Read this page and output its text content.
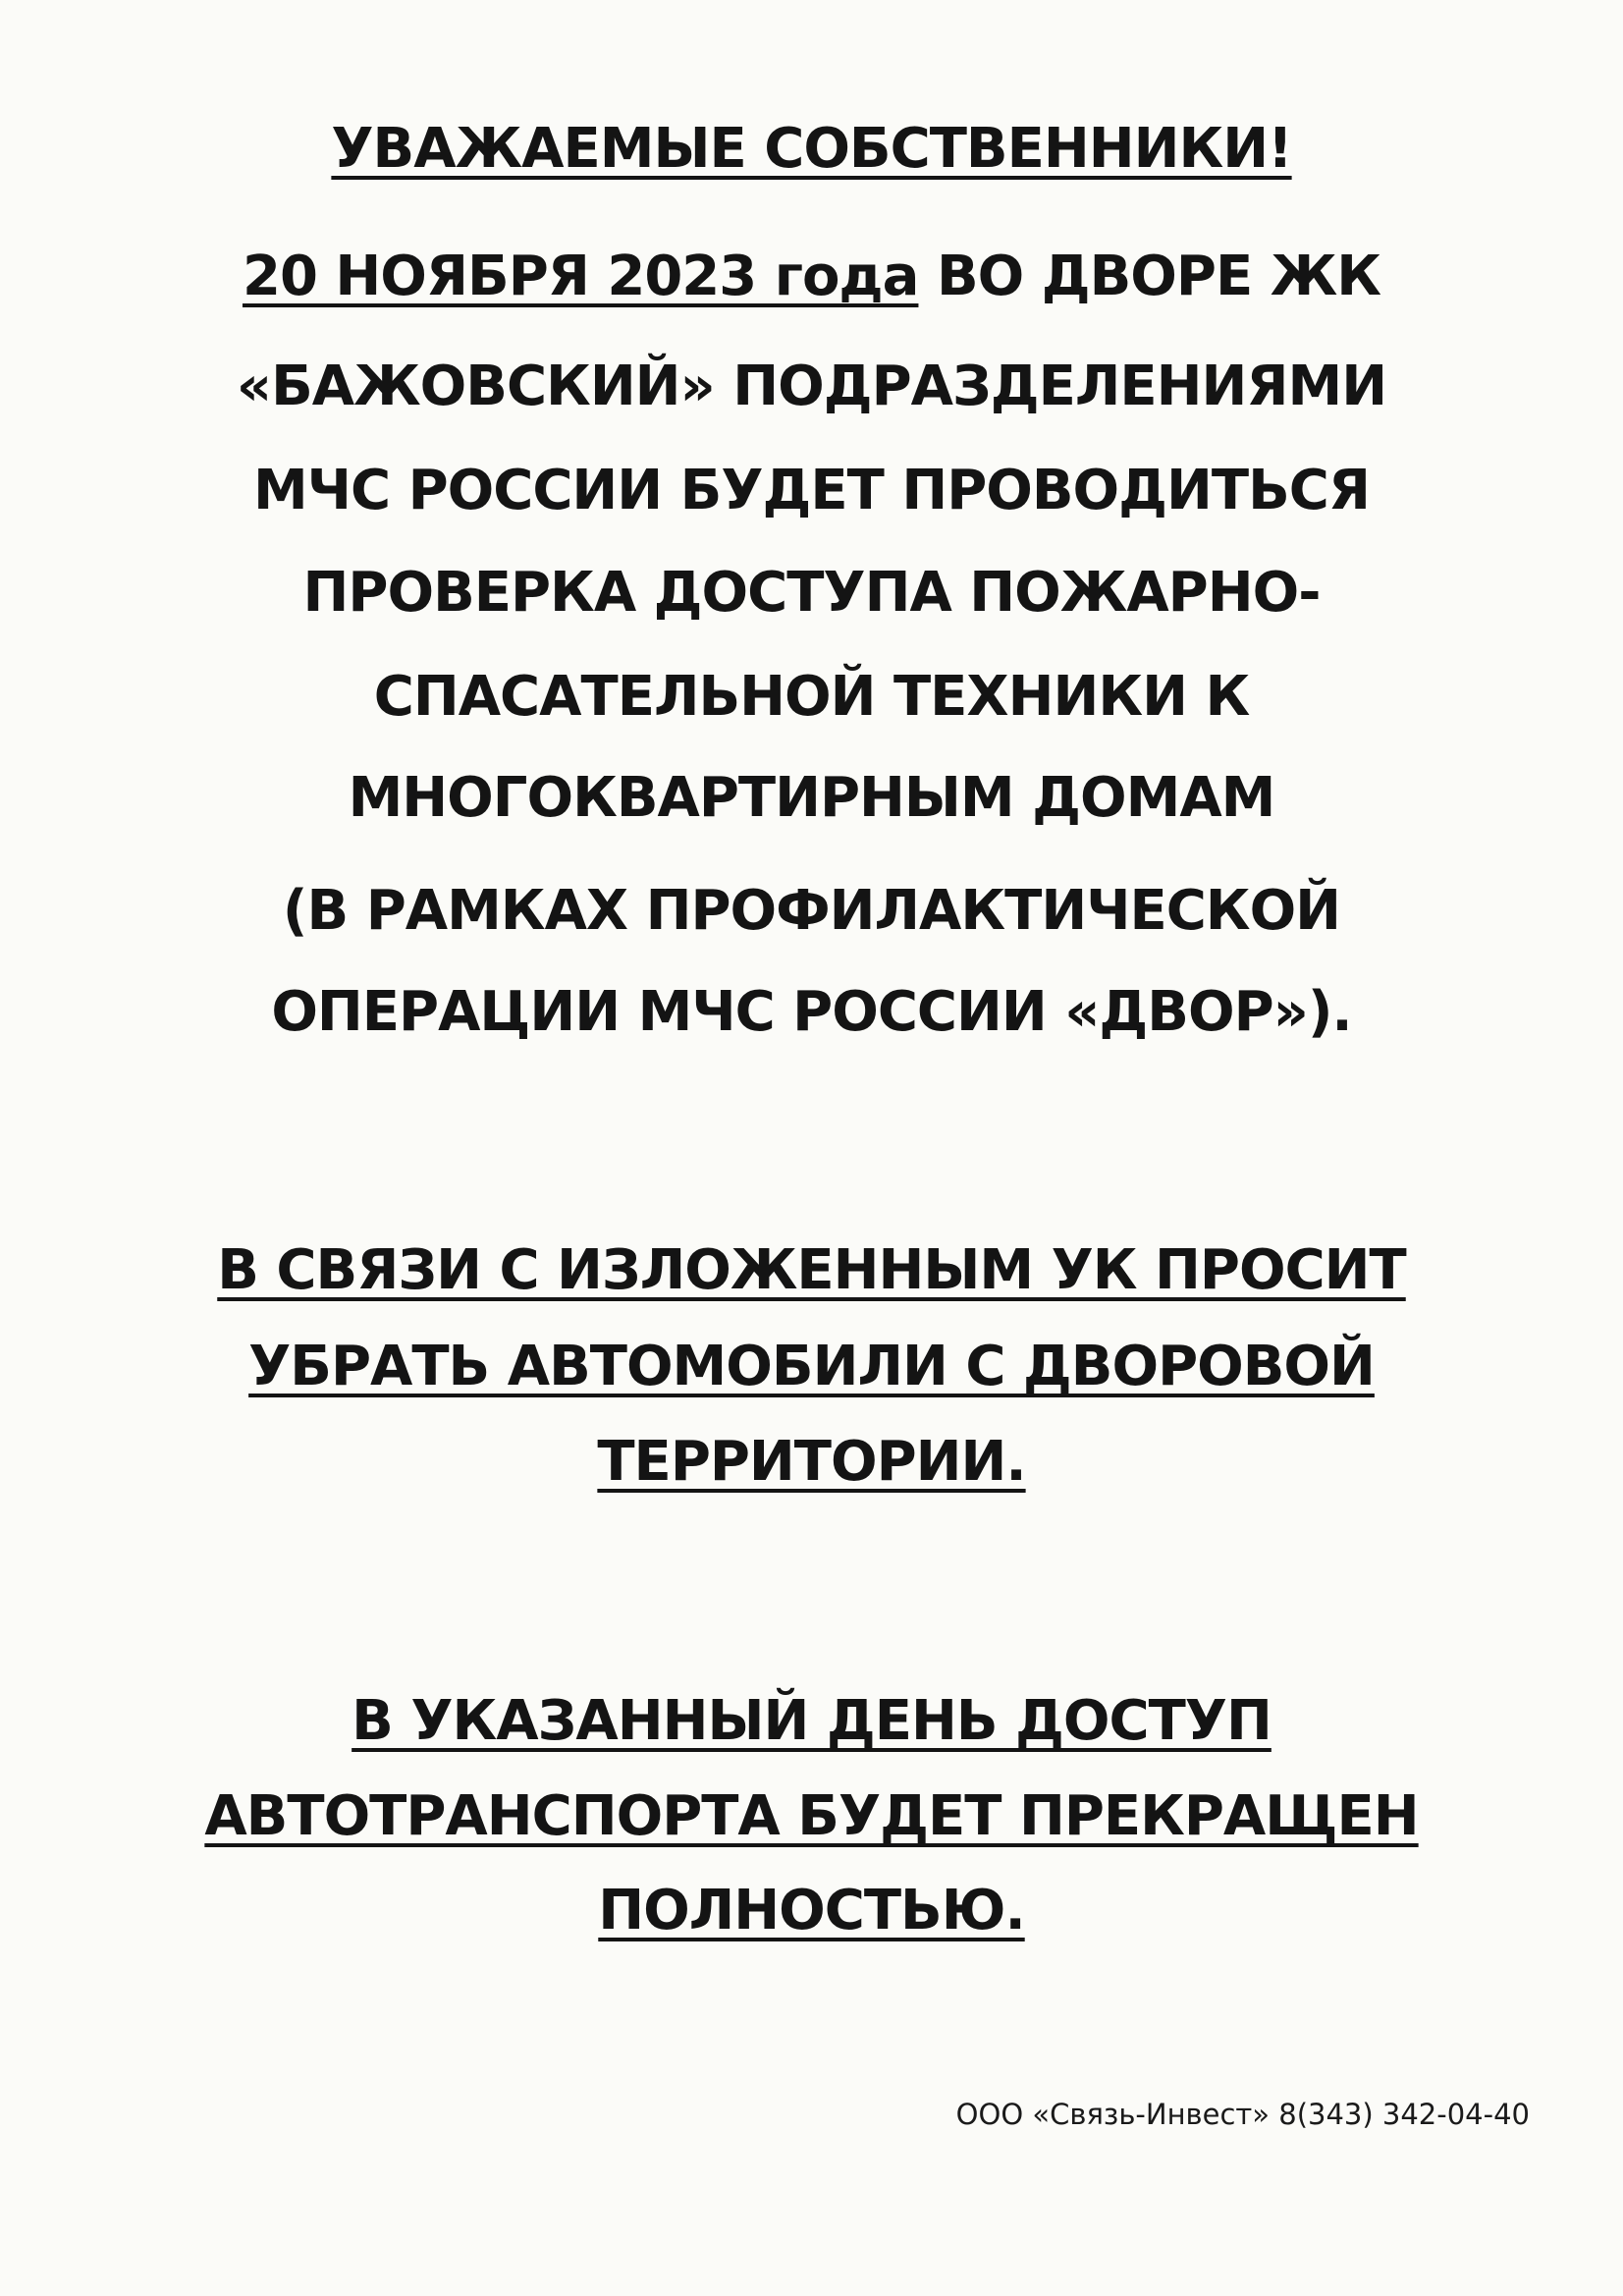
УВАЖАЕМЫЕ СОБСТВЕННИКИ!
20 НОЯБРЯ 2023 года ВО ДВОРЕ ЖК
«БАЖОВСКИЙ» ПОДРАЗДЕЛЕНИЯМИ
МЧС РОССИИ БУДЕТ ПРОВОДИТЬСЯ
ПРОВЕРКА ДОСТУПА ПОЖАРНО-
СПАСАТЕЛЬНОЙ ТЕХНИКИ К
МНОГОКВАРТИРНЫМ ДОМАМ
(В РАМКАХ ПРОФИЛАКТИЧЕСКОЙ
ОПЕРАЦИИ МЧС РОССИИ «ДВОР»).
В СВЯЗИ С ИЗЛОЖЕННЫМ УК ПРОСИТ
УБРАТЬ АВТОМОБИЛИ С ДВОРОВОЙ
ТЕРРИТОРИИ.
В УКАЗАННЫЙ ДЕНЬ ДОСТУП
АВТОТРАНСПОРТА БУДЕТ ПРЕКРАЩЕН
ПОЛНОСТЬЮ.
ООО «Связь-Инвест» 8(343) 342-04-40
